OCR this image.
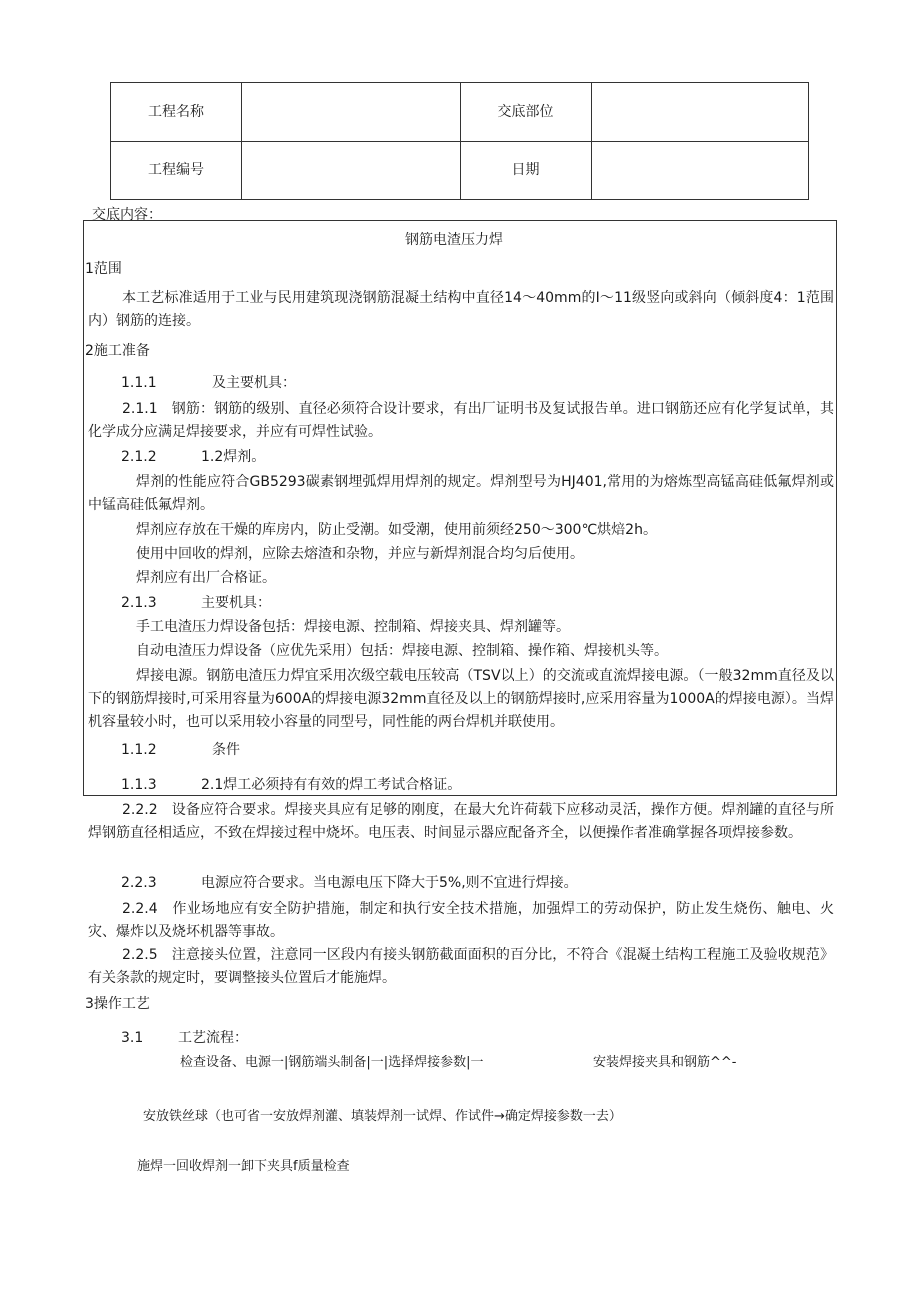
工程名称	交底部位
工程编号	日期
交底内容：
钢筋电渣压力焊
1范围
本工艺标准适用于工业与民用建筑现浇钢筋混凝土结构中直径14～40mm的I～11级竖向或斜向（倾斜度4：1范围内）钢筋的连接。
2施工准备
1.1.1	及主要机具：
2.1.1　钢筋：钢筋的级别、直径必须符合设计要求，有出厂证明书及复试报告单。进口钢筋还应有化学复试单，其化学成分应满足焊接要求，并应有可焊性试验。
2.1.2	1.2焊剂。
焊剂的性能应符合GB5293碳素钢埋弧焊用焊剂的规定。焊剂型号为HJ401,常用的为熔炼型高锰高硅低氟焊剂或中锰高硅低氟焊剂。
焊剂应存放在干燥的库房内，防止受潮。如受潮，使用前须经250～300℃烘焙2h。
使用中回收的焊剂，应除去熔渣和杂物，并应与新焊剂混合均匀后使用。
焊剂应有出厂合格证。
2.1.3	主要机具：
手工电渣压力焊设备包括：焊接电源、控制箱、焊接夹具、焊剂罐等。
自动电渣压力焊设备（应优先采用）包括：焊接电源、控制箱、操作箱、焊接机头等。
焊接电源。钢筋电渣压力焊宜采用次级空载电压较高（TSV以上）的交流或直流焊接电源。（一般32mm直径及以下的钢筋焊接时,可采用容量为600A的焊接电源32mm直径及以上的钢筋焊接时,应采用容量为1000A的焊接电源）。当焊机容量较小时，也可以采用较小容量的同型号，同性能的两台焊机并联使用。
1.1.2	条件
1.1.3	2.1焊工必须持有有效的焊工考试合格证。
2.2.2　设备应符合要求。焊接夹具应有足够的刚度，在最大允许荷载下应移动灵活，操作方便。焊剂罐的直径与所焊钢筋直径相适应，不致在焊接过程中烧坏。电压表、时间显示器应配备齐全，以便操作者准确掌握各项焊接参数。
2.2.3	电源应符合要求。当电源电压下降大于5%,则不宜进行焊接。
2.2.4　作业场地应有安全防护措施，制定和执行安全技术措施，加强焊工的劳动保护，防止发生烧伤、触电、火灾、爆炸以及烧坏机器等事故。
2.2.5　注意接头位置，注意同一区段内有接头钢筋截面面积的百分比，不符合《混凝土结构工程施工及验收规范》有关条款的规定时，要调整接头位置后才能施焊。
3操作工艺
3.1 工艺流程：
检查设备、电源一|钢筋端头制备|一|选择焊接参数|一	安装焊接夹具和钢筋^^-
安放铁丝球（也可省一安放焊剂灌、填装焊剂一试焊、作试件→确定焊接参数一去）
施焊一回收焊剂一卸下夹具f质量检查
